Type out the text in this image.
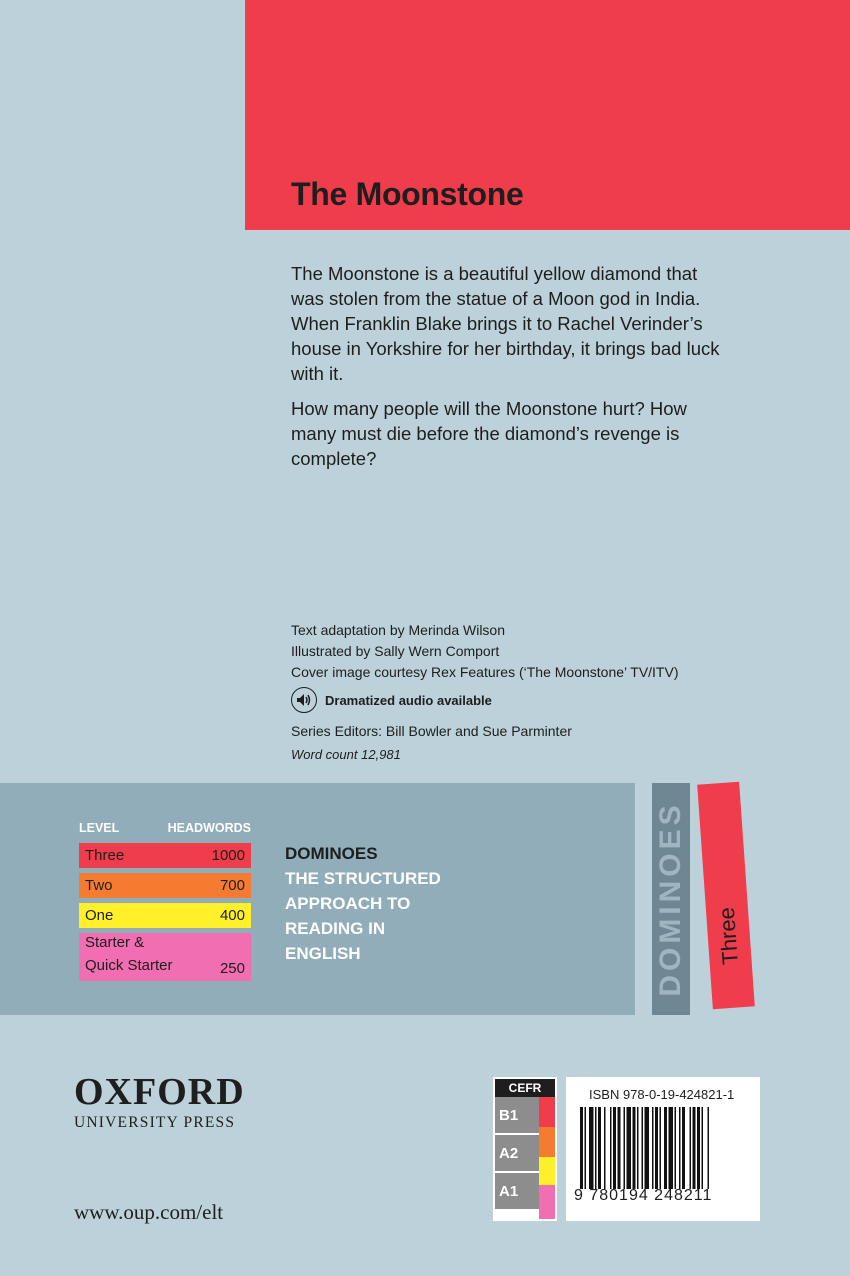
The Moonstone

The Moonstone is a beautiful yellow diamond that was stolen from the statue of a Moon god in India. When Franklin Blake brings it to Rachel Verinder’s house in Yorkshire for her birthday, it brings bad luck with it.

How many people will the Moonstone hurt? How many must die before the diamond’s revenge is complete?

Text adaptation by Merinda Wilson
Illustrated by Sally Wern Comport
Cover image courtesy Rex Features (‘The Moonstone’ TV/ITV)
Dramatized audio available
Series Editors: Bill Bowler and Sue Parminter
Word count 12,981
LEVEL	HEADWORDS
Three	1000
Two	700
One	400
Starter &
Quick Starter	250
DOMINOES
THE STRUCTURED
APPROACH TO
READING IN
ENGLISH	DOMINOES Three
OXFORD
UNIVERSITY PRESS
www.oup.com/elt
CEFR
B1
A2
A1
ISBN 978-0-19-424821-1
9 780194 248211
